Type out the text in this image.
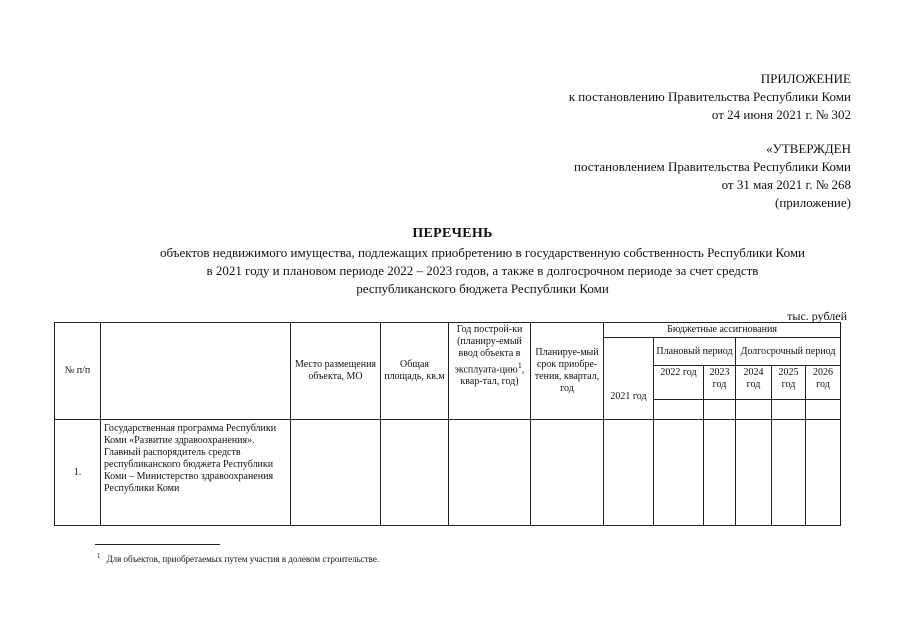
ПРИЛОЖЕНИЕ
к постановлению Правительства Республики Коми
от 24 июня 2021 г. № 302
«УТВЕРЖДЕН
постановлением Правительства Республики Коми
от 31 мая 2021 г. № 268
(приложение)
ПЕРЕЧЕНЬ
объектов недвижимого имущества, подлежащих приобретению в государственную собственность Республики Коми
в 2021 году и плановом периоде 2022 – 2023 годов, а также в долгосрочном периоде за счет средств
республиканского бюджета Республики Коми
тыс. рублей
№ п/п		Место размещения объекта, МО	Общая площадь, кв.м	Год построй-ки (планиру-емый ввод объекта в эксплуата-цию$^1$, квар-тал, год)	Планируе-мый срок приобре-тения, квартал, год	Бюджетные ассигнования					
						2021 год	Плановый период		Долгосрочный период		
							2022 год	2023 год	2024 год	2025 год	2026 год

1.	Государственная программа Республики Коми «Развитие здравоохранения». Главный распорядитель средств республиканского бюджета Республики Коми – Министерство здравоохранения Республики Коми										
$^1$ Для объектов, приобретаемых путем участия в долевом строительстве.
